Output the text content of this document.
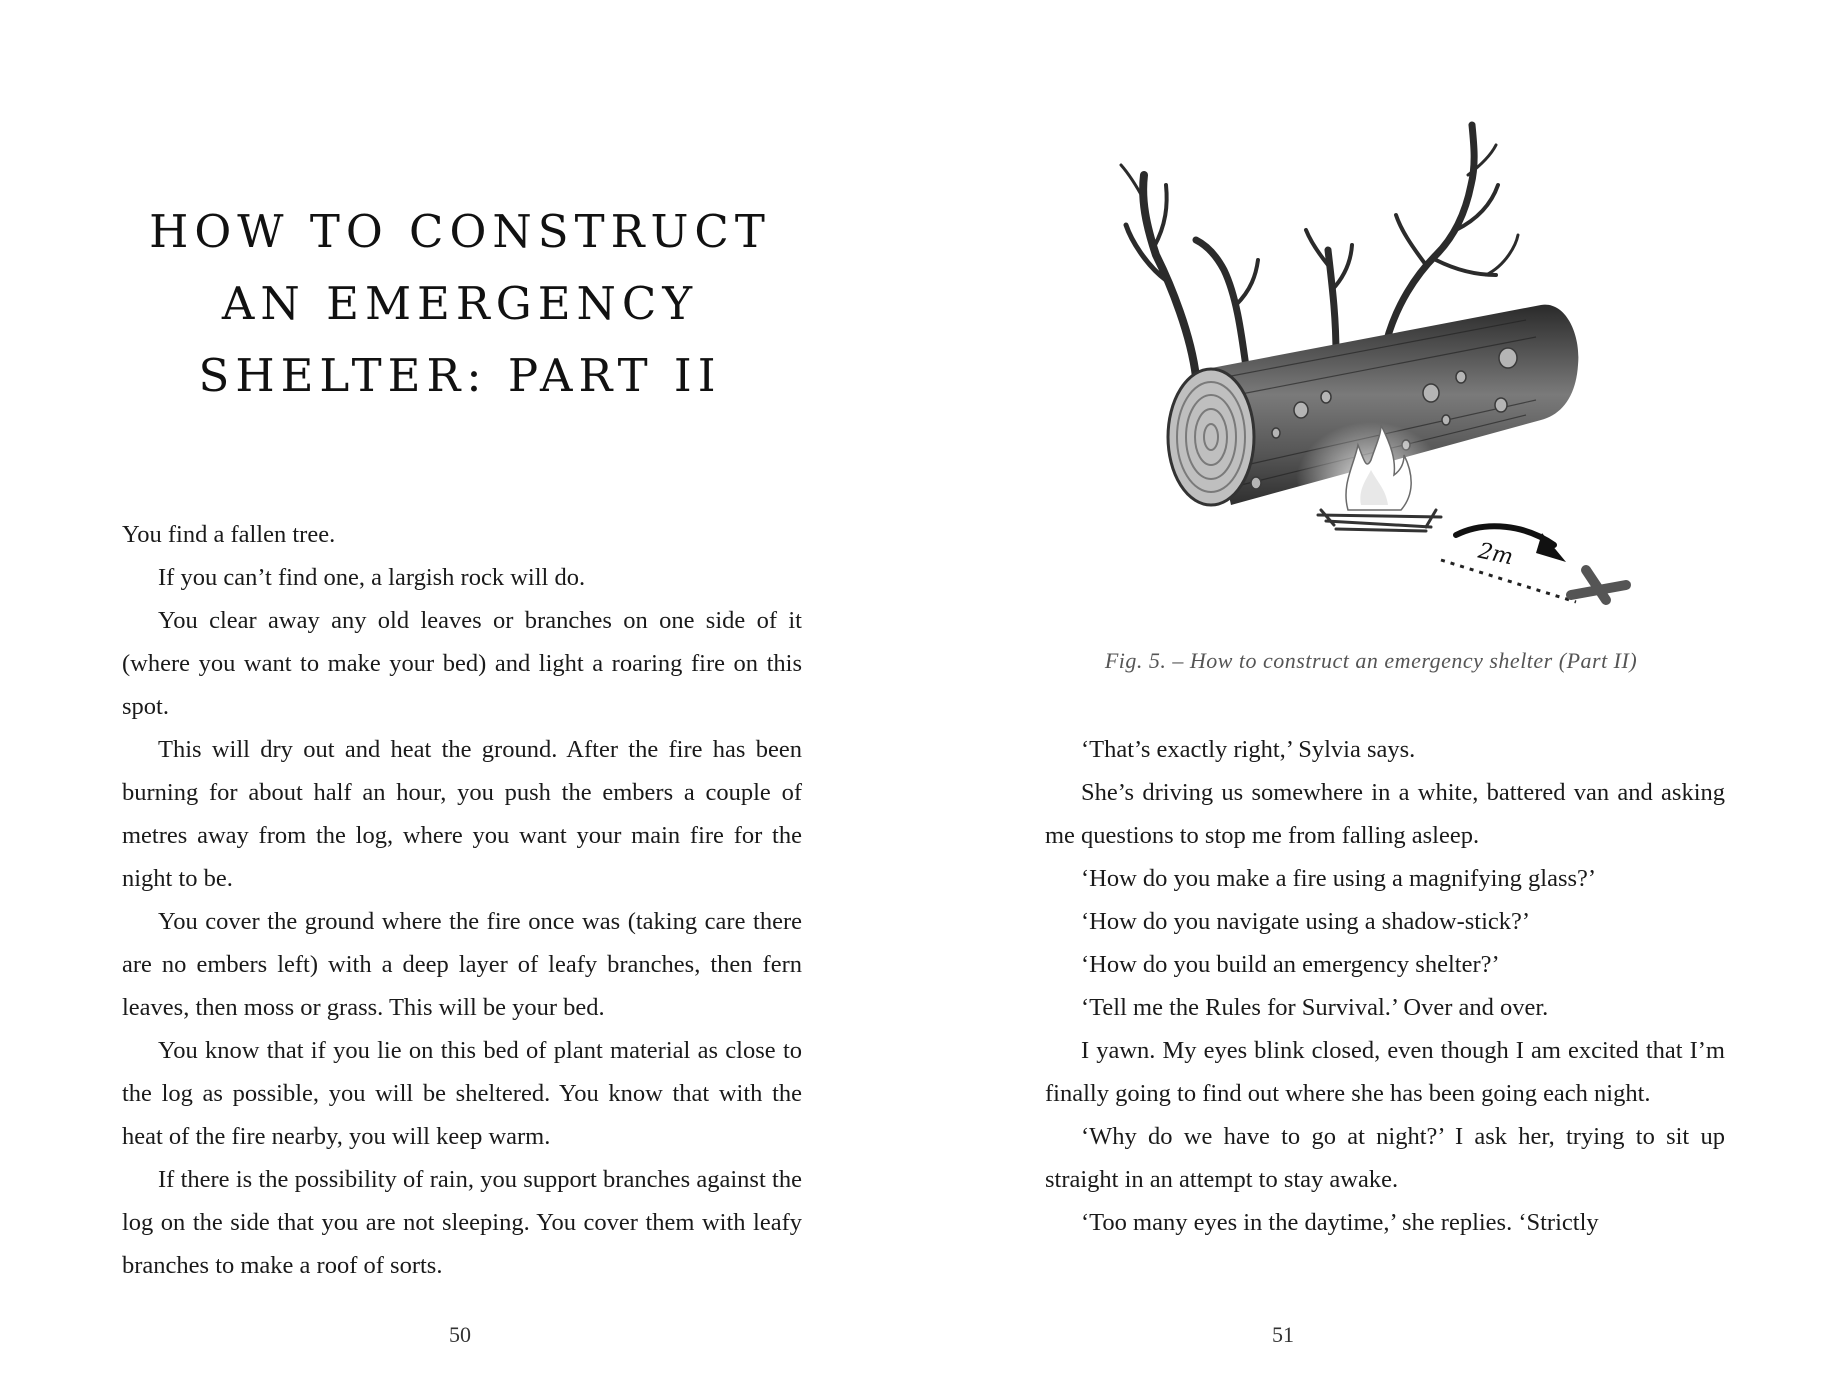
HOW TO CONSTRUCT
AN EMERGENCY
SHELTER: PART II

You find a fallen tree.

If you can’t find one, a largish rock will do.

You clear away any old leaves or branches on one side of it (where you want to make your bed) and light a roaring fire on this spot.

This will dry out and heat the ground. After the fire has been burning for about half an hour, you push the embers a couple of metres away from the log, where you want your main fire for the night to be.

You cover the ground where the fire once was (taking care there are no embers left) with a deep layer of leafy branches, then fern leaves, then moss or grass. This will be your bed.

You know that if you lie on this bed of plant material as close to the log as possible, you will be sheltered. You know that with the heat of the fire nearby, you will keep warm.

If there is the possibility of rain, you support branches against the log on the side that you are not sleeping. You cover them with leafy branches to make a roof of sorts.

50
2m
Fig. 5. – How to construct an emergency shelter (Part II)

‘That’s exactly right,’ Sylvia says.

She’s driving us somewhere in a white, battered van and asking me questions to stop me from falling asleep.

‘How do you make a fire using a magnifying glass?’

‘How do you navigate using a shadow-stick?’

‘How do you build an emergency shelter?’

‘Tell me the Rules for Survival.’ Over and over.

I yawn. My eyes blink closed, even though I am excited that I’m finally going to find out where she has been going each night.

‘Why do we have to go at night?’ I ask her, trying to sit up straight in an attempt to stay awake.

‘Too many eyes in the daytime,’ she replies. ‘Strictly

51
